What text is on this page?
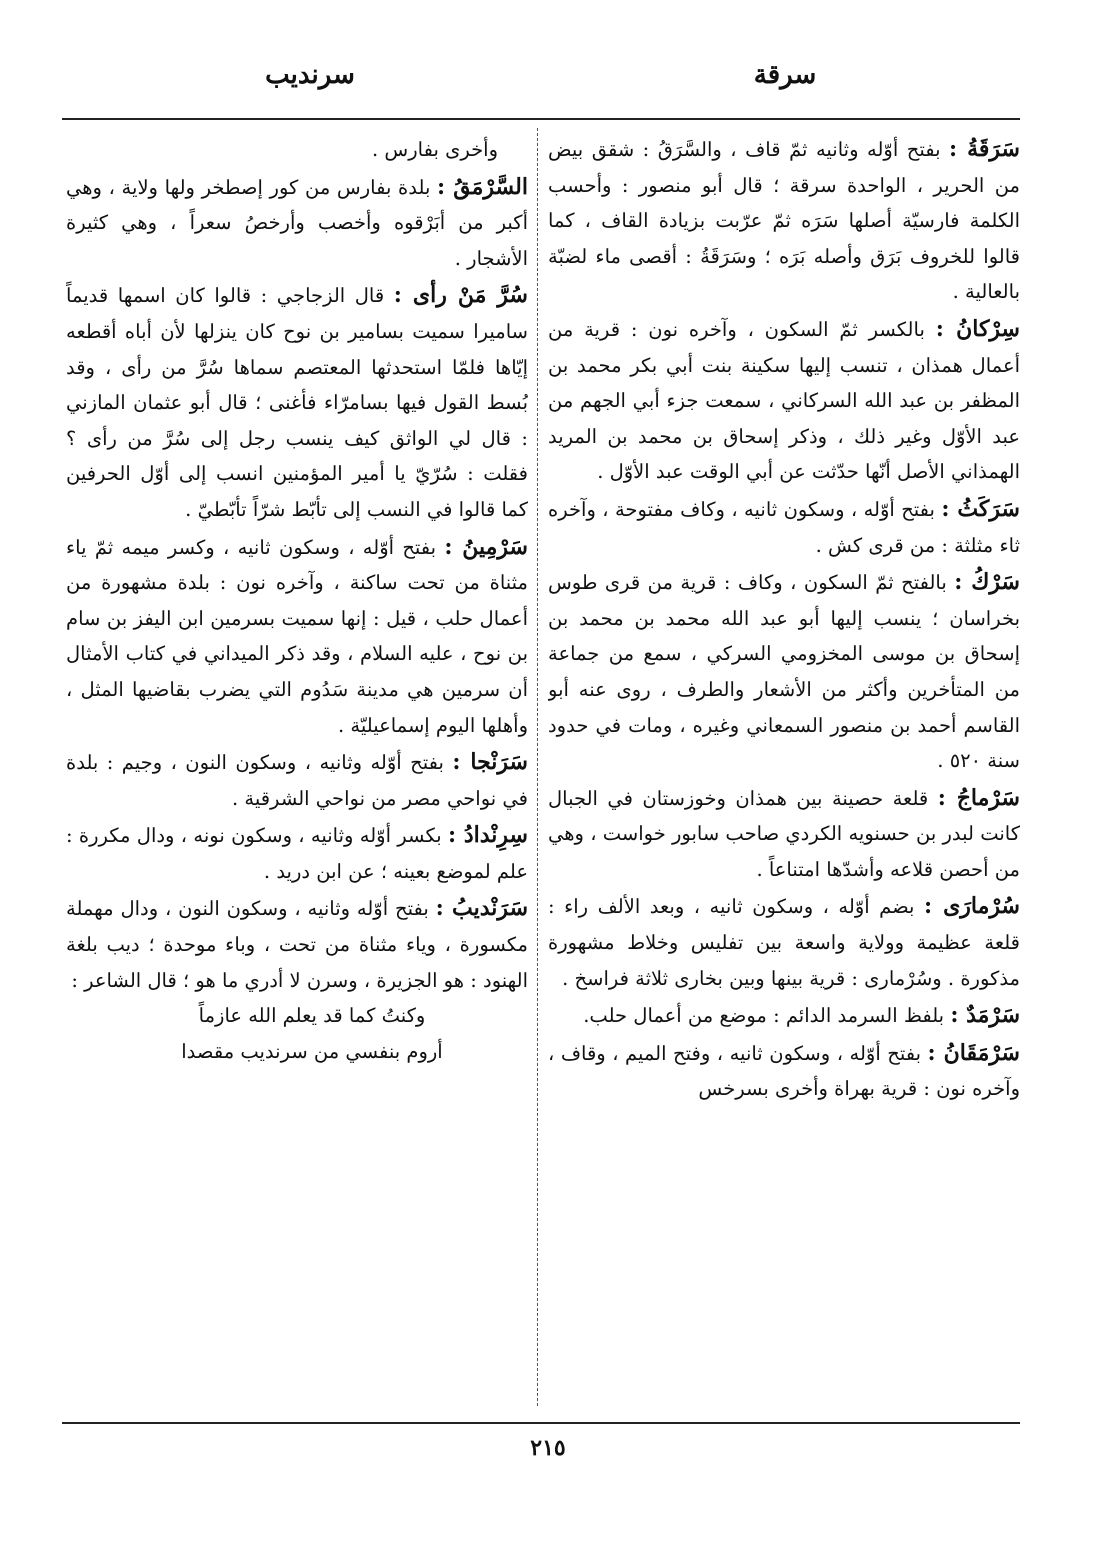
سرقة
سرنديب

سَرَقَةُ : بفتح أوّله وثانيه ثمّ قاف ، والسَّرَقُ : شقق بيض من الحرير ، الواحدة سرقة ؛ قال أبو منصور : وأحسب الكلمة فارسيّة أصلها سَرَه ثمّ عرّبت بزيادة القاف ، كما قالوا للخروف بَرَق وأصله بَرَه ؛ وسَرَقَةُ : أقصى ماء لضبّة بالعالية .

سِرْكانُ : بالكسر ثمّ السكون ، وآخره نون : قرية من أعمال همذان ، تنسب إليها سكينة بنت أبي بكر محمد بن المظفر بن عبد الله السركاني ، سمعت جزء أبي الجهم من عبد الأوّل وغير ذلك ، وذكر إسحاق بن محمد بن المريد الهمذاني الأصل أنّها حدّثت عن أبي الوقت عبد الأوّل .

سَرَكَثُ : بفتح أوّله ، وسكون ثانيه ، وكاف مفتوحة ، وآخره ثاء مثلثة : من قرى كش .

سَرْكُ : بالفتح ثمّ السكون ، وكاف : قرية من قرى طوس بخراسان ؛ ينسب إليها أبو عبد الله محمد بن محمد بن إسحاق بن موسى المخزومي السركي ، سمع من جماعة من المتأخرين وأكثر من الأشعار والطرف ، روى عنه أبو القاسم أحمد بن منصور السمعاني وغيره ، ومات في حدود سنة ٥٢٠ .

سَرْماجُ : قلعة حصينة بين همذان وخوزستان في الجبال كانت لبدر بن حسنويه الكردي صاحب سابور خواست ، وهي من أحصن قلاعه وأشدّها امتناعاً .

سُرْمارَى : بضم أوّله ، وسكون ثانيه ، وبعد الألف راء : قلعة عظيمة وولاية واسعة بين تفليس وخلاط مشهورة مذكورة . وسُرْمارى : قرية بينها وبين بخارى ثلاثة فراسخ .

سَرْمَدٌ : بلفظ السرمد الدائم : موضع من أعمال حلب.

سَرْمَقَانُ : بفتح أوّله ، وسكون ثانيه ، وفتح الميم ، وقاف ، وآخره نون : قرية بهراة وأخرى بسرخس

وأخرى بفارس .

السَّرْمَقُ : بلدة بفارس من كور إصطخر ولها ولاية ، وهي أكبر من أبَرْقوه وأخصب وأرخصُ سعراً ، وهي كثيرة الأشجار .

سُرَّ مَنْ رأى : قال الزجاجي : قالوا كان اسمها قديماً ساميرا سميت بسامير بن نوح كان ينزلها لأن أباه أقطعه إيّاها فلمّا استحدثها المعتصم سماها سُرَّ من رأى ، وقد بُسط القول فيها بسامرّاء فأغنى ؛ قال أبو عثمان المازني : قال لي الواثق كيف ينسب رجل إلى سُرَّ من رأى ؟ فقلت : سُرّيّ يا أمير المؤمنين انسب إلى أوّل الحرفين كما قالوا في النسب إلى تأبّط شرّاً تأبّطيّ .

سَرْمِينُ : بفتح أوّله ، وسكون ثانيه ، وكسر ميمه ثمّ ياء مثناة من تحت ساكنة ، وآخره نون : بلدة مشهورة من أعمال حلب ، قيل : إنها سميت بسرمين ابن اليفز بن سام بن نوح ، عليه السلام ، وقد ذكر الميداني في كتاب الأمثال أن سرمين هي مدينة سَدُوم التي يضرب بقاضيها المثل ، وأهلها اليوم إسماعيليّة .

سَرَنْجا : بفتح أوّله وثانيه ، وسكون النون ، وجيم : بلدة في نواحي مصر من نواحي الشرقية .

سِرِنْدادُ : بكسر أوّله وثانيه ، وسكون نونه ، ودال مكررة : علم لموضع بعينه ؛ عن ابن دريد .

سَرَنْديبُ : بفتح أوّله وثانيه ، وسكون النون ، ودال مهملة مكسورة ، وياء مثناة من تحت ، وباء موحدة ؛ ديب بلغة الهنود : هو الجزيرة ، وسرن لا أدري ما هو ؛ قال الشاعر :

وكنتُ كما قد يعلم الله عازماً

أروم بنفسي من سرنديب مقصدا

٢١٥
